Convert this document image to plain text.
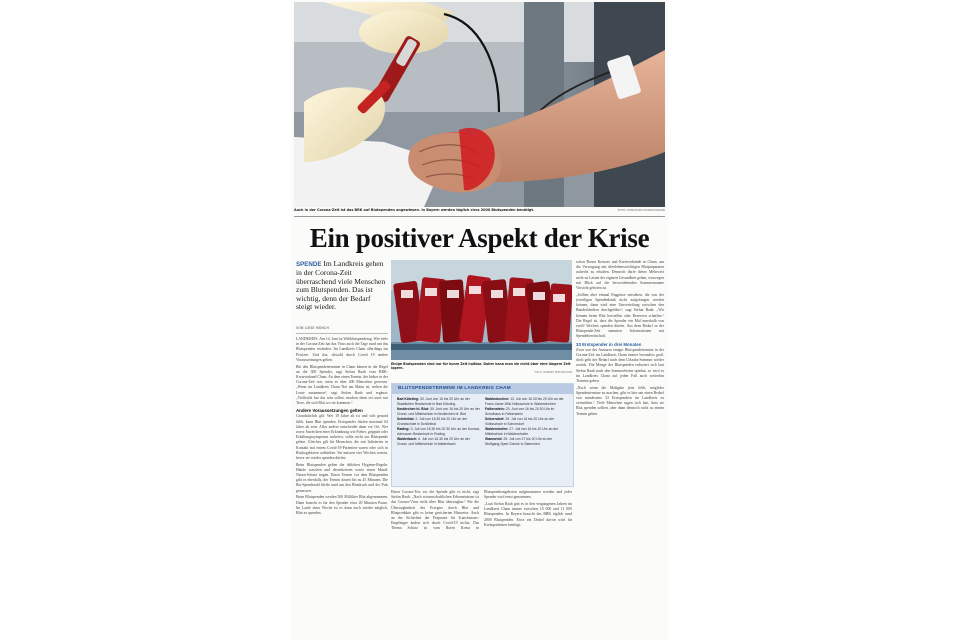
Auch in der Corona-Zeit ist das BRK auf Blutspenden angewiesen. In Bayern werden täglich circa 2000 Blutspenden benötigt.	FOTO: CHRISTIAN CHARISIUS/DPA
Ein positiver Aspekt der Krise
SPENDE Im Landkreis gehen in der Corona-Zeit überraschend viele Menschen zum Blutspenden. Das ist wichtig, denn der Bedarf steigt wieder.
VON LUISE MÜNCH

LANDKREIS. Am 14. Juni ist Weltblutspendetag. Wie viele in der Corona-Zeit hat das Virus auch die Tage rund um das Blutspenden verändert. Im Landkreis Cham allerdings ins Positive. Und das, obwohl durch Covid 19 andere Voraussetzungen gelten.

Bei den Blutspendeterminen in Cham kämen in der Regel an die 300 Spender, sagt Stefan Raab vom BRK-Kreisverband Cham. An dem einen Termin, der bisher in der Corona-Zeit war, seien es über 400 Menschen gewesen. „Wenn im Landkreis Cham Not am Mann ist, stehen die Leute zusammen“, sagt Stefan Raab und ergänzt: „Vielleicht hat das sein sollen, machen dann sei auch nur Tiere, die sich Blut wo sie kommen.“

Andere Voraussetzungen gelten

Grundsätzlich gilt: Wer 18 Jahre alt ist und sich gesund fühlt, kann Blut spenden. Erstspender dürfen maximal 64 Jahre alt sein. Alles andere entscheidet dann vor Ort. Wer zuvor Anzeichen einer Erkrankung wie Fieber, grippale oder Erkältungssymptome aufweist, sollte nicht zur Blutspende gehen. Gleiches gilt für Menschen, die mit Infizierten in Kontakt mit einem Covid-19-Patienten waren oder sich in Risikogebieten aufhielten. Sie müssen vier Wochen warten, bevor sie wieder spenden dürfen.

Beim Blutspenden gelten die üblichen Hygiene-Regeln. Hände waschen und desinfizieren sowie einen Mund-Nasen-Schutz tragen. Einen Termin vor dem Blutspenden gibt es ebenfalls, der Termin dauert bis zu 45 Minuten. Die Bis-Spendezahl bleibt rund um den Blutdruck und der Puls gemessen.

Beim Blutspenden werden 500 Milliliter Blut abgenommen. Dann braucht es für den Spender etwa 20 Minuten Pause. Im Laufe einer Woche ist es dann auch wieder möglich, Blut zu spenden.

Einige Blutspenden sind nur für kurze Zeit haltbar. Daher kann man sie nicht über eine längere Zeit lagern.
FOTO: ROBERT MICHAELSON
BLUTSPENDETERMINE IM LANDKREIS CHAM

Bad Kötzting: 30. Juni von 15 bis 20 Uhr an der Staatlichen Realschule in Bad Kötzting

Neukirchen hl. Blut: 30. Juni von 16 bis 20 Uhr an der Grund- und Mittelschule in Neukirchen hl. Blut

Schönthal: 2. Juli von 16.30 bis 20 Uhr an der Grundschule in Schönthal

Rading: 3. Juli von 15.30 bis 20.30 Uhr an der Konrad-Adenauer-Realschule in Roding

Walderbach: 6. Juli von 16.30 bis 20 Uhr an der Grund- und Mittelschule in Walderbach

Waldmünchen: 13. Juli von 16.30 bis 20 Uhr an der Franz-Xaver-Witt-Volksschule in Waldmünchen

Falkenstein: 23. Juni von 16 bis 20.30 Uhr im Schulhaus in Falkenstein

Schorndorf: 25. Juli von 16 bis 20 Uhr an der Volksschule in Schorndorf

Waldershofen: 27. Juli von 16 bis 20 Uhr an der Mittelschule in Waldershofen

Stamsried: 29. Juli von 17 bis 20 Uhr an der Wolfgang-Sperl-Schule in Stamsried

Einen Corona-Test vor der Spende gibt es nicht, sagt Stefan Raab. „Nach wissenschaftlichen Erkenntnissen ist das Corona-Virus nicht über Blut übertragbar.“ Für die Übertragbarkeit des Erregers durch Blut und Blutprodukte gibt es keine gesicherten Hinweise. Auch an der Sicherheit der Präparate für Transfusions-Empfänger ändert sich durch Covid-19 nichts. Das Thema Schutz ist vom Roten Kreuz in Blutspendeangeboten aufgenommen worden und jeder Spender wird ernst genommen.

„Laut Stefan Raab gab es in den vergangenen Jahren im Landkreis Cham immer zwischen 10 000 und 11 000 Blutspenden. In Bayern braucht das BRK täglich rund 2000 Blutspenden. Etwa ein Drittel davon wird für Krebspatienten benötigt.

schon Rosen Kreuzes und Kreisverbände in Cham, um die Versorgung mit überlebenswichtigen Blutpräparaten aufrecht zu erhalten. Dennoch dürfe dieser Mehrwert nicht zu Lasten der eigenen Gesundheit gehen, weswegen mit Blick auf die bevorstehenden Sommermonate Vorsicht geboten ist.

„Sollten aber einmal Engpässe entstehen, die von der jeweiligen Spendenbank nicht aufgefangen werden können, dann wird eine Umverteilung zwischen den Bundesländern durchgeführt“, sagt Stefan Raab. „Wir können keine Blut herstellen oder Reserven schaffen.“ Die Regel ist, dass die Spender ein Mal innerhalb von zwölf Wochen spenden dürfen. Aus dem Bedarf in der Blutspende-Zeit stammen Informationen mit Spendebereitschaft.

33 Erstspender in drei Monaten

Zwar war der Ansturm einiger Blutspendetermine in der Corona-Zeit im Landkreis Cham immer besonders groß, doch geht der Bedarf nach dem Urlaubs-Sommer wieder zurück. Die Menge der Blutspenden reduziert sich laut Stefan Raab nach den Sommerferien spürbar, so wird es im Landkreis Cham auf jeden Fall auch weiterhin Termine geben.

„Nach wenn die Maßgabe jetzt fehlt, mögliche Spendentermine zu machen, gibt es hier um einen Bedarf von mindestens 33 Erstspendern im Landkreis zu vermelden.“ Viele Menschen sagen sich laut, dass sie Blut spenden sollten, aber dann dennoch nicht zu einem Termin gehen.
